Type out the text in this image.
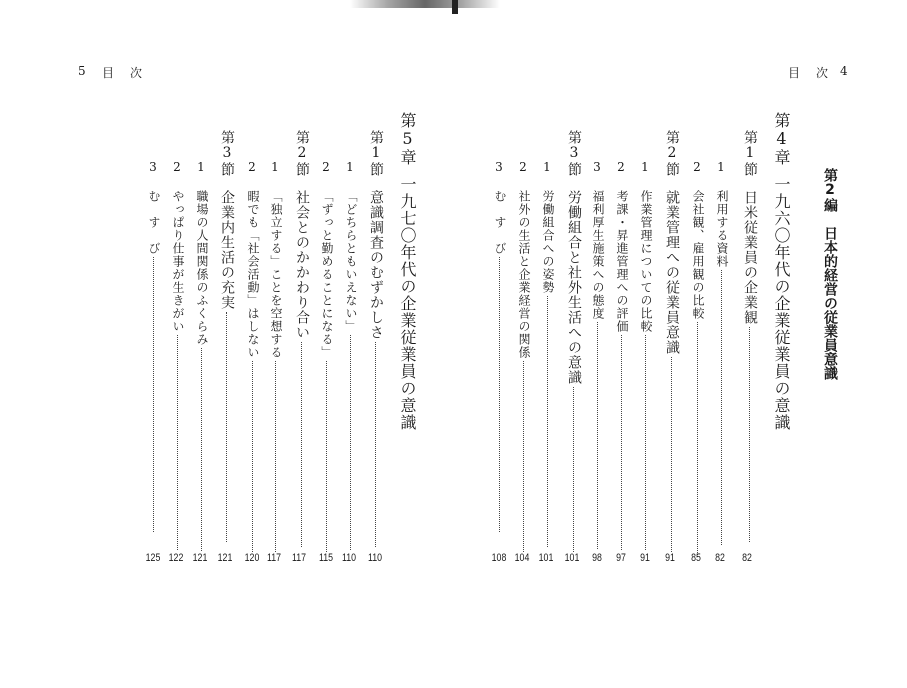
5 目　次	目　次 4
第2編　日本的経営の従業員意識
第4章
一九六〇年代の企業従業員の意識
第1節
日米従業員の企業観
82
1
利用する資料
82
2
会社観、雇用観の比較
85
第2節
就業管理への従業員意識
91
1
作業管理についての比較
91
2
考課・昇進管理への評価
97
3
福利厚生施策への態度
98
第3節
労働組合と社外生活への意識
101
1
労働組合への姿勢
101
2
社外の生活と企業経営の関係
104
3
む　す　び
108
第5章
一九七〇年代の企業従業員の意識
第1節
意識調査のむずかしさ
110
1
「どちらともいえない」
110
2
「ずっと勤めることになる」
115
第2節
社会とのかかわり合い
117
1
「独立する」ことを空想する
117
2
暇でも「社会活動」はしない
120
第3節
企業内生活の充実
121
1
職場の人間関係のふくらみ
121
2
やっぱり仕事が生きがい
122
3
む　す　び
125
